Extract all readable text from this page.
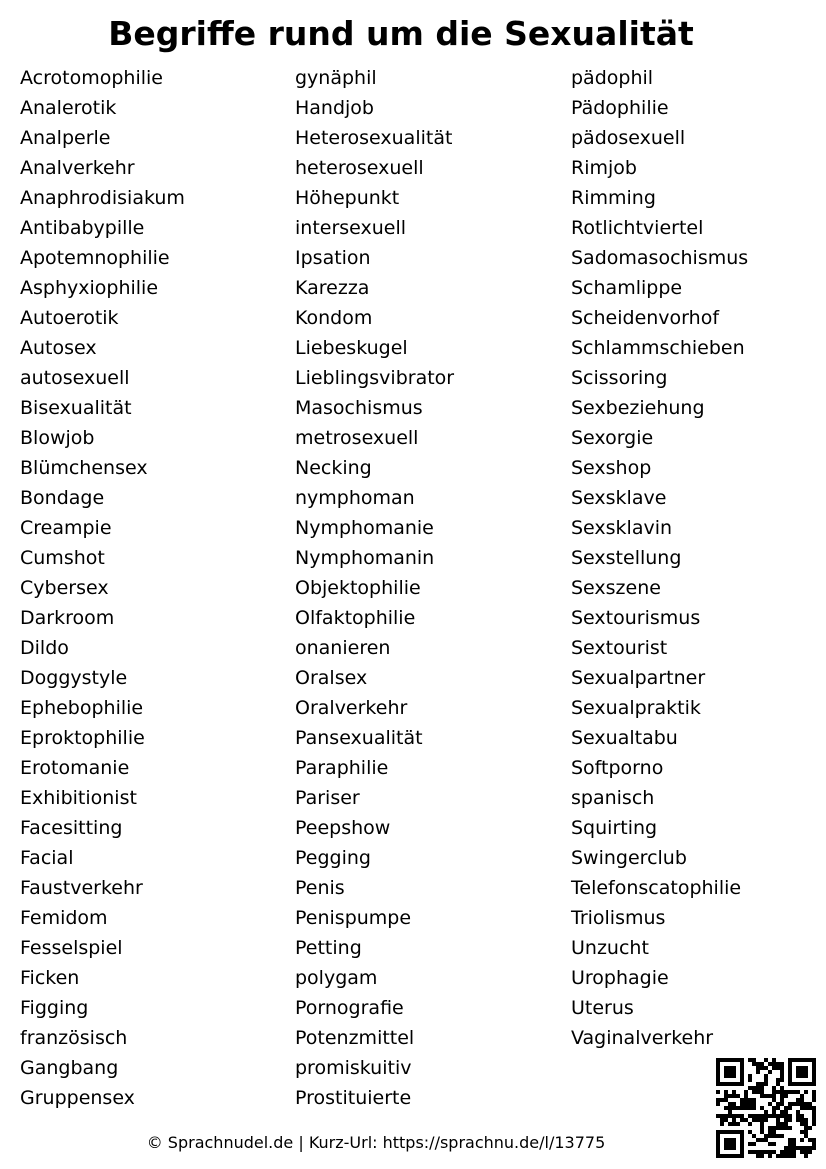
Begriffe rund um die Sexualität
Acrotomophilie
Analerotik
Analperle
Analverkehr
Anaphrodisiakum
Antibabypille
Apotemnophilie
Asphyxiophilie
Autoerotik
Autosex
autosexuell
Bisexualität
Blowjob
Blümchensex
Bondage
Creampie
Cumshot
Cybersex
Darkroom
Dildo
Doggystyle
Ephebophilie
Eproktophilie
Erotomanie
Exhibitionist
Facesitting
Facial
Faustverkehr
Femidom
Fesselspiel
Ficken
Figging
französisch
Gangbang
Gruppensex
gynäphil
Handjob
Heterosexualität
heterosexuell
Höhepunkt
intersexuell
Ipsation
Karezza
Kondom
Liebeskugel
Lieblingsvibrator
Masochismus
metrosexuell
Necking
nymphoman
Nymphomanie
Nymphomanin
Objektophilie
Olfaktophilie
onanieren
Oralsex
Oralverkehr
Pansexualität
Paraphilie
Pariser
Peepshow
Pegging
Penis
Penispumpe
Petting
polygam
Pornografie
Potenzmittel
promiskuitiv
Prostituierte
pädophil
Pädophilie
pädosexuell
Rimjob
Rimming
Rotlichtviertel
Sadomasochismus
Schamlippe
Scheidenvorhof
Schlammschieben
Scissoring
Sexbeziehung
Sexorgie
Sexshop
Sexsklave
Sexsklavin
Sexstellung
Sexszene
Sextourismus
Sextourist
Sexualpartner
Sexualpraktik
Sexualtabu
Softporno
spanisch
Squirting
Swingerclub
Telefonscatophilie
Triolismus
Unzucht
Urophagie
Uterus
Vaginalverkehr
© Sprachnudel.de | Kurz-Url: https://sprachnu.de/l/13775
